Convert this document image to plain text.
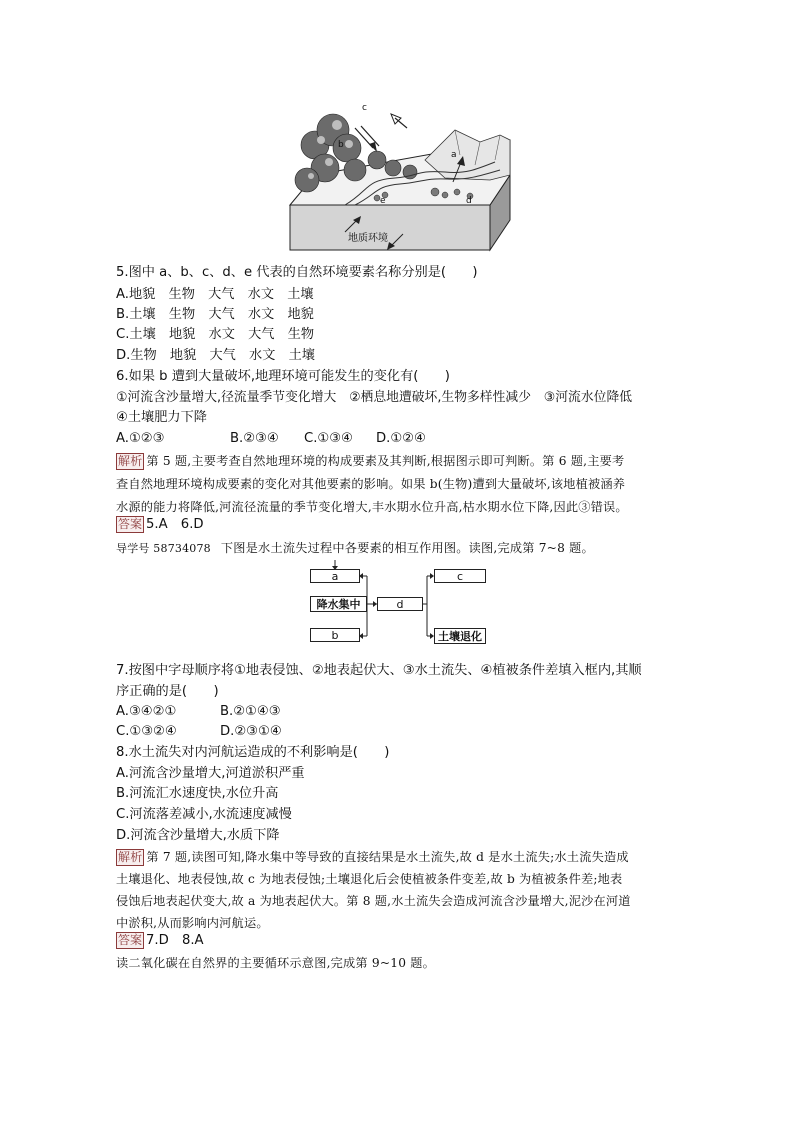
c
b
a
e	d
地质环境
5.图中 a、b、c、d、e 代表的自然环境要素名称分别是(　　)
A.地貌　生物　大气　水文　土壤
B.土壤　生物　大气　水文　地貌
C.土壤　地貌　水文　大气　生物
D.生物　地貌　大气　水文　土壤
6.如果 b 遭到大量破坏,地理环境可能发生的变化有(　　)
①河流含沙量增大,径流量季节变化增大　②栖息地遭破坏,生物多样性减少　③河流水位降低
④土壤肥力下降
A.①②③	B.②③④ C.①③④ D.①②④
解析 第 5 题,主要考查自然地理环境的构成要素及其判断,根据图示即可判断。第 6 题,主要考
查自然地理环境构成要素的变化对其他要素的影响。如果 b(生物)遭到大量破坏,该地植被涵养
水源的能力将降低,河流径流量的季节变化增大,丰水期水位升高,枯水期水位下降,因此③错误。
答案 5.A　6.D
导学号 58734078 下图是水土流失过程中各要素的相互作用图。读图,完成第 7~8 题。
a
降水集中
b
d
c
土壤退化
7.按图中字母顺序将①地表侵蚀、②地表起伏大、③水土流失、④植被条件差填入框内,其顺
序正确的是(　　)
A.③④②①	B.②①④③
C.①③②④	D.②③①④
8.水土流失对内河航运造成的不利影响是(　　)
A.河流含沙量增大,河道淤积严重
B.河流汇水速度快,水位升高
C.河流落差减小,水流速度减慢
D.河流含沙量增大,水质下降
解析 第 7 题,读图可知,降水集中等导致的直接结果是水土流失,故 d 是水土流失;水土流失造成
土壤退化、地表侵蚀,故 c 为地表侵蚀;土壤退化后会使植被条件变差,故 b 为植被条件差;地表
侵蚀后地表起伏变大,故 a 为地表起伏大。第 8 题,水土流失会造成河流含沙量增大,泥沙在河道
中淤积,从而影响内河航运。
答案 7.D　8.A
读二氧化碳在自然界的主要循环示意图,完成第 9~10 题。
